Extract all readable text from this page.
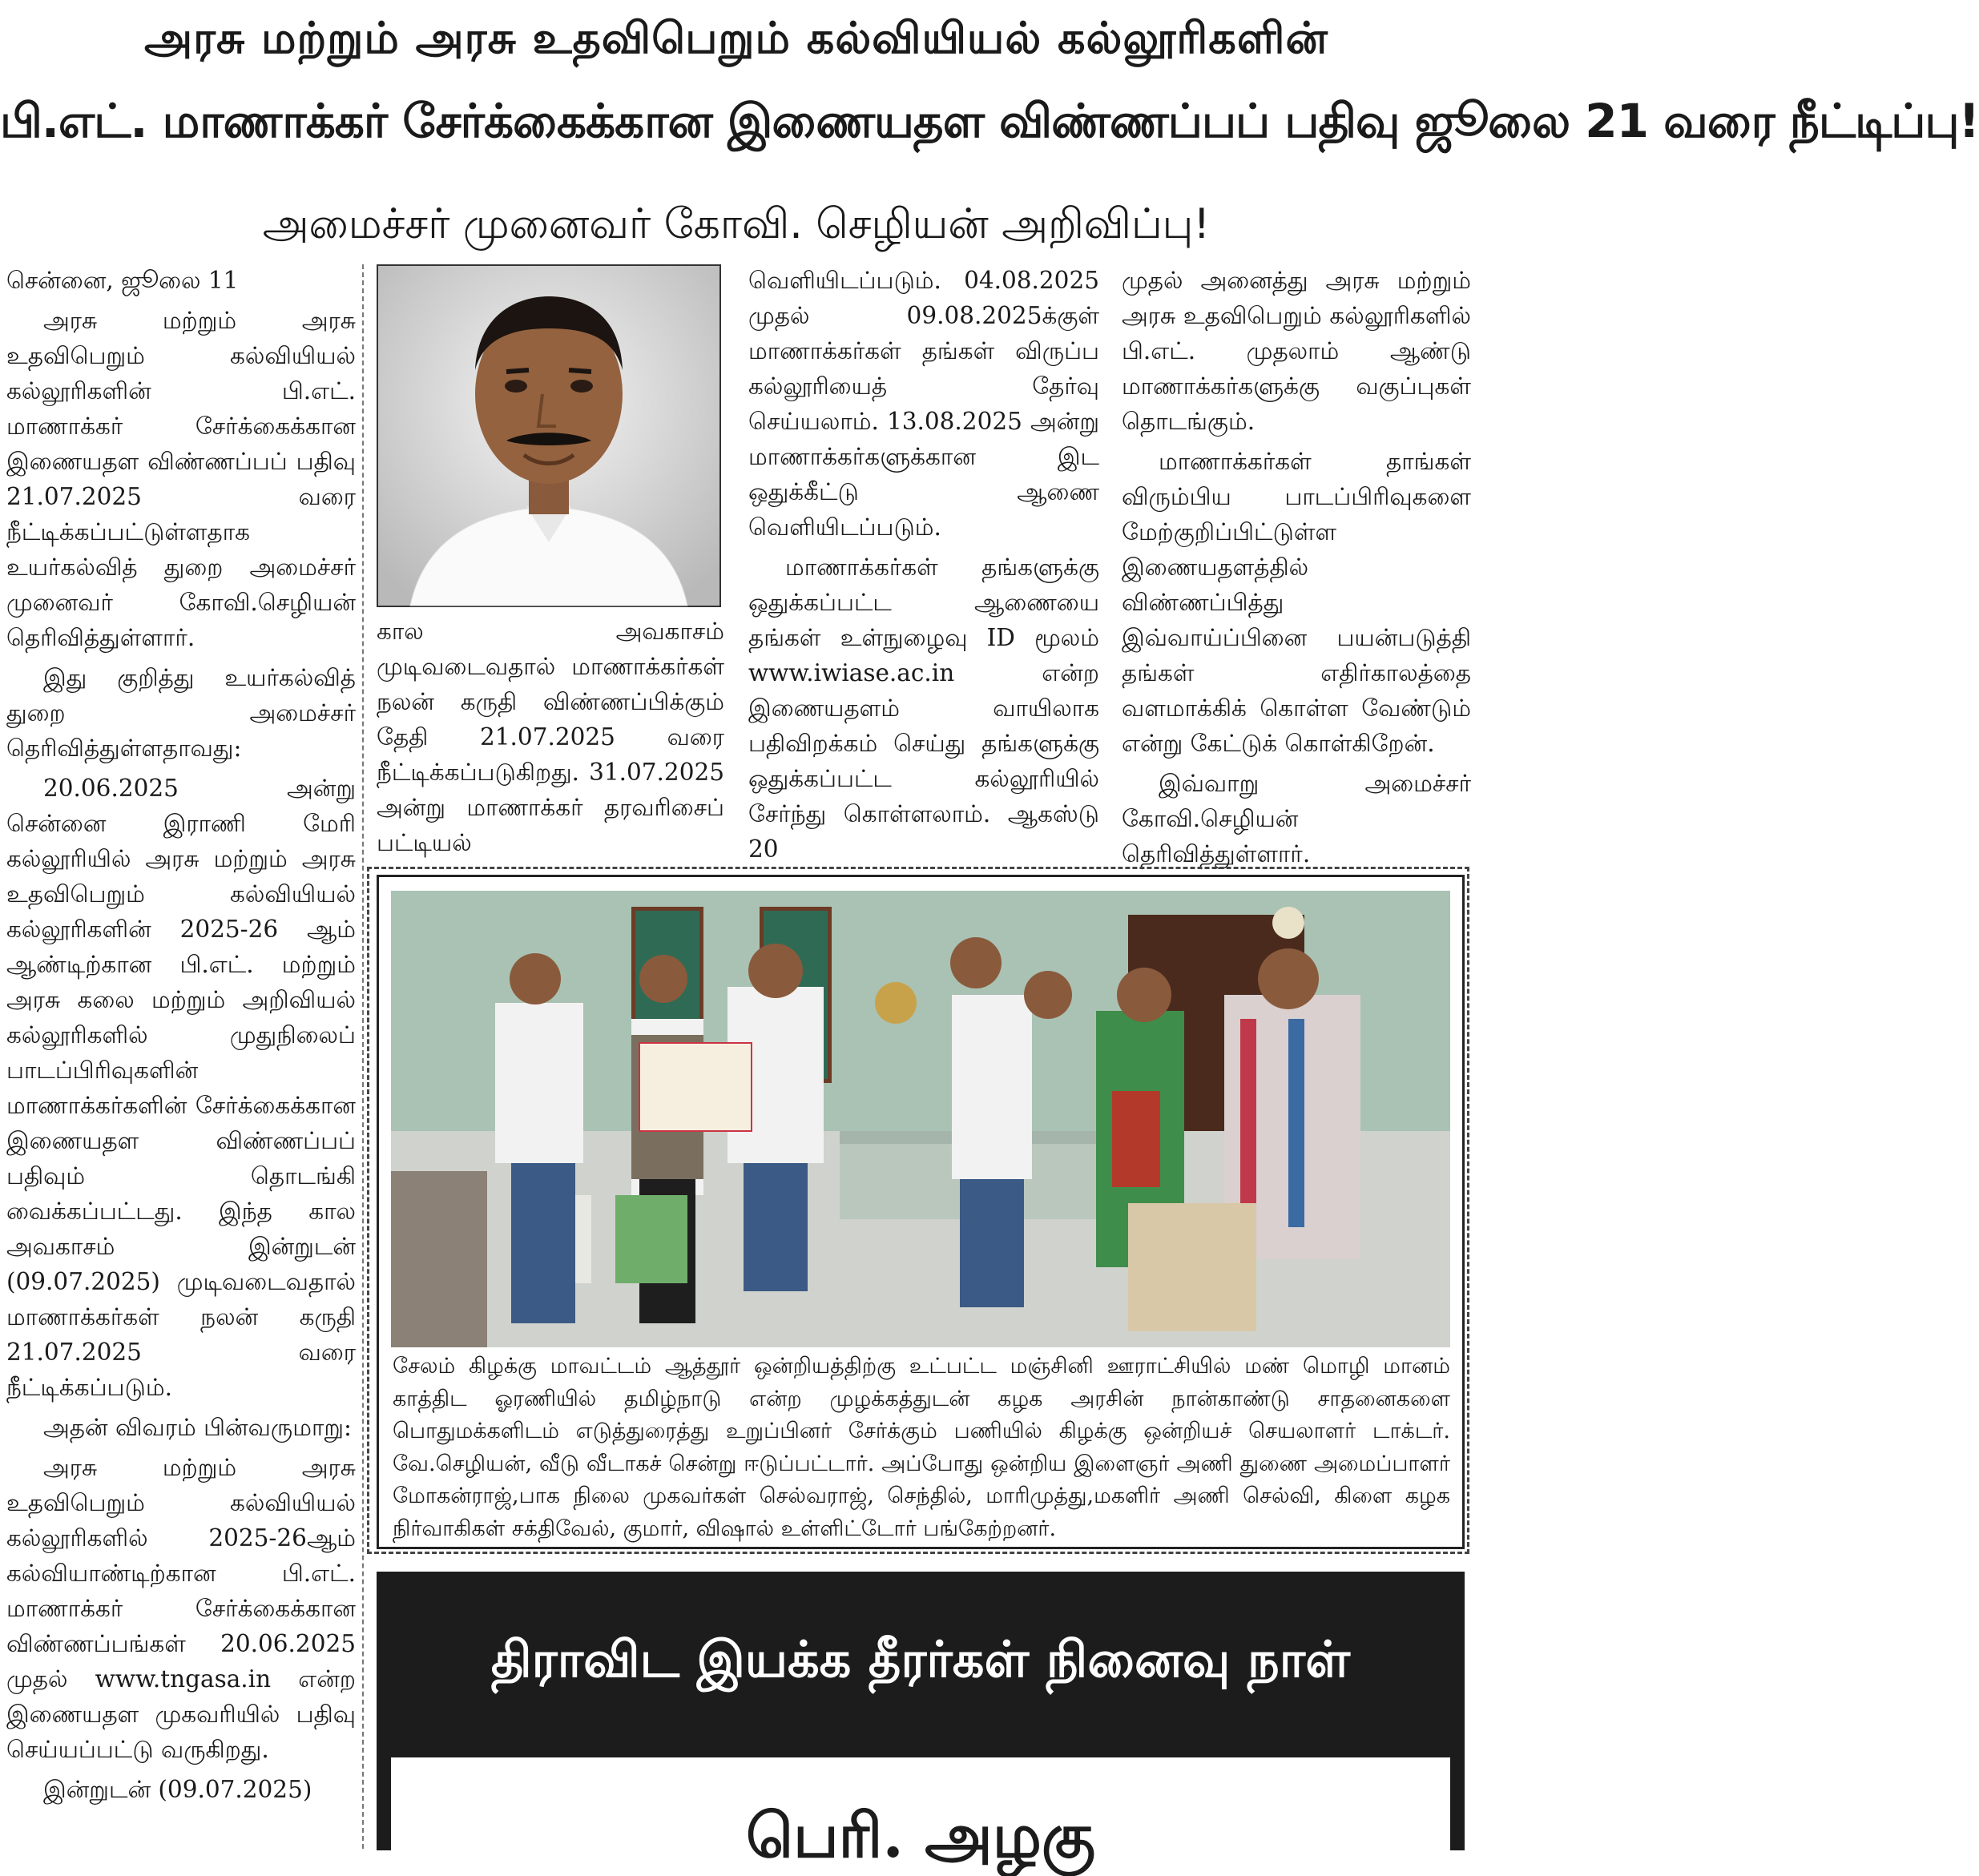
அரசு மற்றும் அரசு உதவிபெறும் கல்வியியல் கல்லூரிகளின்
பி.எட். மாணாக்கர் சேர்க்கைக்கான இணையதள விண்ணப்பப் பதிவு ஜூலை 21 வரை நீட்டிப்பு!
அமைச்சர் முனைவர் கோவி. செழியன் அறிவிப்பு!

சென்னை, ஜூலை 11

அரசு மற்றும் அரசு உதவிபெறும் கல்வியியல் கல்லூரிகளின் பி.எட். மாணாக்கர் சேர்க்கைக்கான இணையதள விண்ணப்பப் பதிவு 21.07.2025 வரை நீட்டிக்கப்பட்டுள்ளதாக உயர்கல்வித் துறை அமைச்சர் முனைவர் கோவி.செழியன் தெரிவித்துள்ளார்.

இது குறித்து உயர்கல்வித் துறை அமைச்சர் தெரிவித்துள்ளதாவது:

20.06.2025 அன்று சென்னை இராணி மேரி கல்லூரியில் அரசு மற்றும் அரசு உதவிபெறும் கல்வியியல் கல்லூரிகளின் 2025-26 ஆம் ஆண்டிற்கான பி.எட். மற்றும் அரசு கலை மற்றும் அறிவியல் கல்லூரிகளில் முதுநிலைப் பாடப்பிரிவுகளின் மாணாக்கர்களின் சேர்க்கைக்கான இணையதள விண்ணப்பப் பதிவும் தொடங்கி வைக்கப்பட்டது. இந்த கால அவகாசம் இன்றுடன் (09.07.2025) முடிவடைவதால் மாணாக்கர்கள் நலன் கருதி 21.07.2025 வரை நீட்டிக்கப்படும்.

அதன் விவரம் பின்வருமாறு:

அரசு மற்றும் அரசு உதவிபெறும் கல்வியியல் கல்லூரிகளில் 2025-26ஆம் கல்வியாண்டிற்கான பி.எட். மாணாக்கர் சேர்க்கைக்கான விண்ணப்பங்கள் 20.06.2025 முதல் www.tngasa.in என்ற இணையதள முகவரியில் பதிவு செய்யப்பட்டு வருகிறது.

இன்றுடன் (09.07.2025)

கால அவகாசம் முடிவடைவதால் மாணாக்கர்கள் நலன் கருதி விண்ணப்பிக்கும் தேதி 21.07.2025 வரை நீட்டிக்கப்படுகிறது. 31.07.2025 அன்று மாணாக்கர் தரவரிசைப் பட்டியல்

வெளியிடப்படும். 04.08.2025 முதல் 09.08.2025க்குள் மாணாக்கர்கள் தங்கள் விருப்ப கல்லூரியைத் தேர்வு செய்யலாம். 13.08.2025 அன்று மாணாக்கர்களுக்கான இட ஒதுக்கீட்டு ஆணை வெளியிடப்படும்.

மாணாக்கர்கள் தங்களுக்கு ஒதுக்கப்பட்ட ஆணையை தங்கள் உள்நுழைவு ID மூலம் www.iwiase.ac.in என்ற இணையதளம் வாயிலாக பதிவிறக்கம் செய்து தங்களுக்கு ஒதுக்கப்பட்ட கல்லூரியில் சேர்ந்து கொள்ளலாம். ஆகஸ்டு 20

முதல் அனைத்து அரசு மற்றும் அரசு உதவிபெறும் கல்லூரிகளில் பி.எட். முதலாம் ஆண்டு மாணாக்கர்களுக்கு வகுப்புகள் தொடங்கும்.

மாணாக்கர்கள் தாங்கள் விரும்பிய பாடப்பிரிவுகளை மேற்குறிப்பிட்டுள்ள இணையதளத்தில் விண்ணப்பித்து இவ்வாய்ப்பினை பயன்படுத்தி தங்கள் எதிர்காலத்தை வளமாக்கிக் கொள்ள வேண்டும் என்று கேட்டுக் கொள்கிறேன்.

இவ்வாறு அமைச்சர் கோவி.செழியன் தெரிவித்துள்ளார்.

சேலம் கிழக்கு மாவட்டம் ஆத்தூர் ஒன்றியத்திற்கு உட்பட்ட மஞ்சினி ஊராட்சியில் மண் மொழி மானம் காத்திட ஓரணியில் தமிழ்நாடு என்ற முழக்கத்துடன் கழக அரசின் நான்காண்டு சாதனைகளை பொதுமக்களிடம் எடுத்துரைத்து உறுப்பினர் சேர்க்கும் பணியில் கிழக்கு ஒன்றியச் செயலாளர் டாக்டர். வே.செழியன், வீடு வீடாகச் சென்று ஈடுப்பட்டார். அப்போது ஒன்றிய இளைஞர் அணி துணை அமைப்பாளர் மோகன்ராஜ்,பாக நிலை முகவர்கள் செல்வராஜ், செந்தில், மாரிமுத்து,மகளிர் அணி செல்வி, கிளை கழக நிர்வாகிகள் சக்திவேல், குமார், விஷால் உள்ளிட்டோர் பங்கேற்றனர்.
திராவிட இயக்க தீரர்கள் நினைவு நாள்
பெரி. அழகு
